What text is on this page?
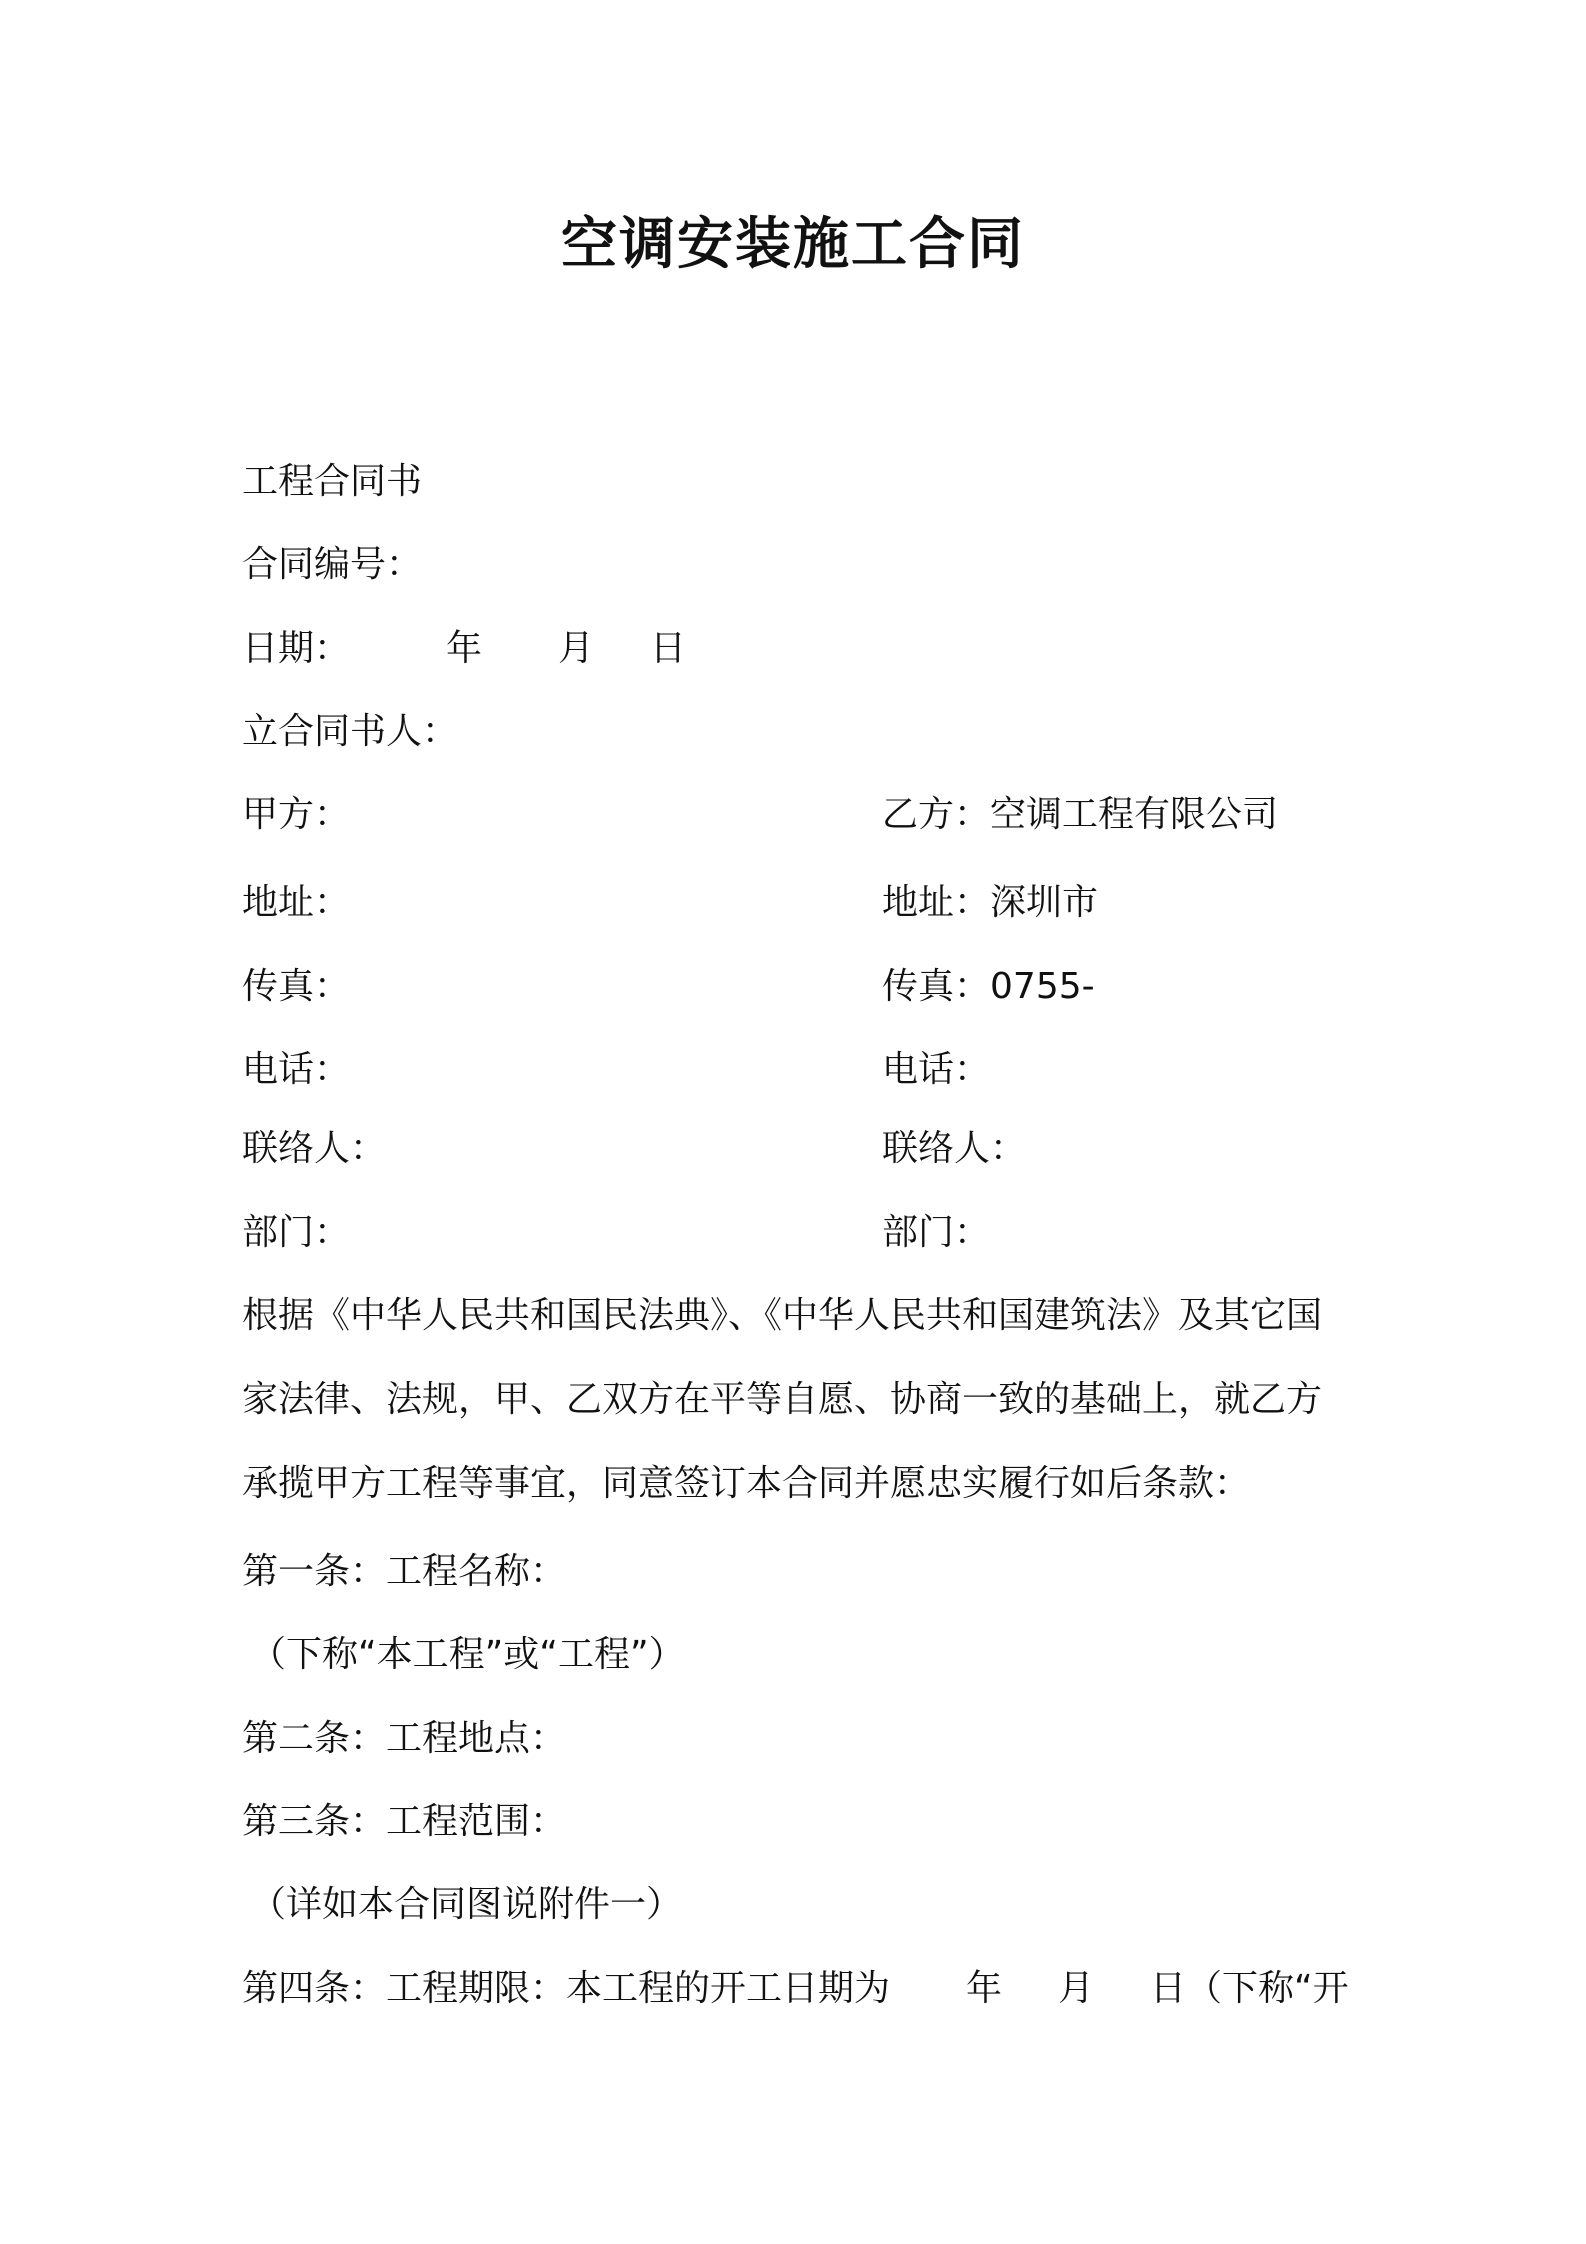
空调安装施工合同
工程合同书
合同编号：
日期：	年 月 日
立合同书人：
甲方：
地址：
传真：
电话：
联络人：
部门：
乙方：空调工程有限公司
地址：深圳市
传真：0755-
电话：
联络人：
部门：
根据《中华人民共和国民法典》、《中华人民共和国建筑法》及其它国
家法律、法规，甲、乙双方在平等自愿、协商一致的基础上，就乙方
承揽甲方工程等事宜，同意签订本合同并愿忠实履行如后条款：
第一条：工程名称：
（下称“本工程”或“工程”）
第二条：工程地点：
第三条：工程范围：
（详如本合同图说附件一）
第四条：工程期限：本工程的开工日期为 年 月 日（下称“开
